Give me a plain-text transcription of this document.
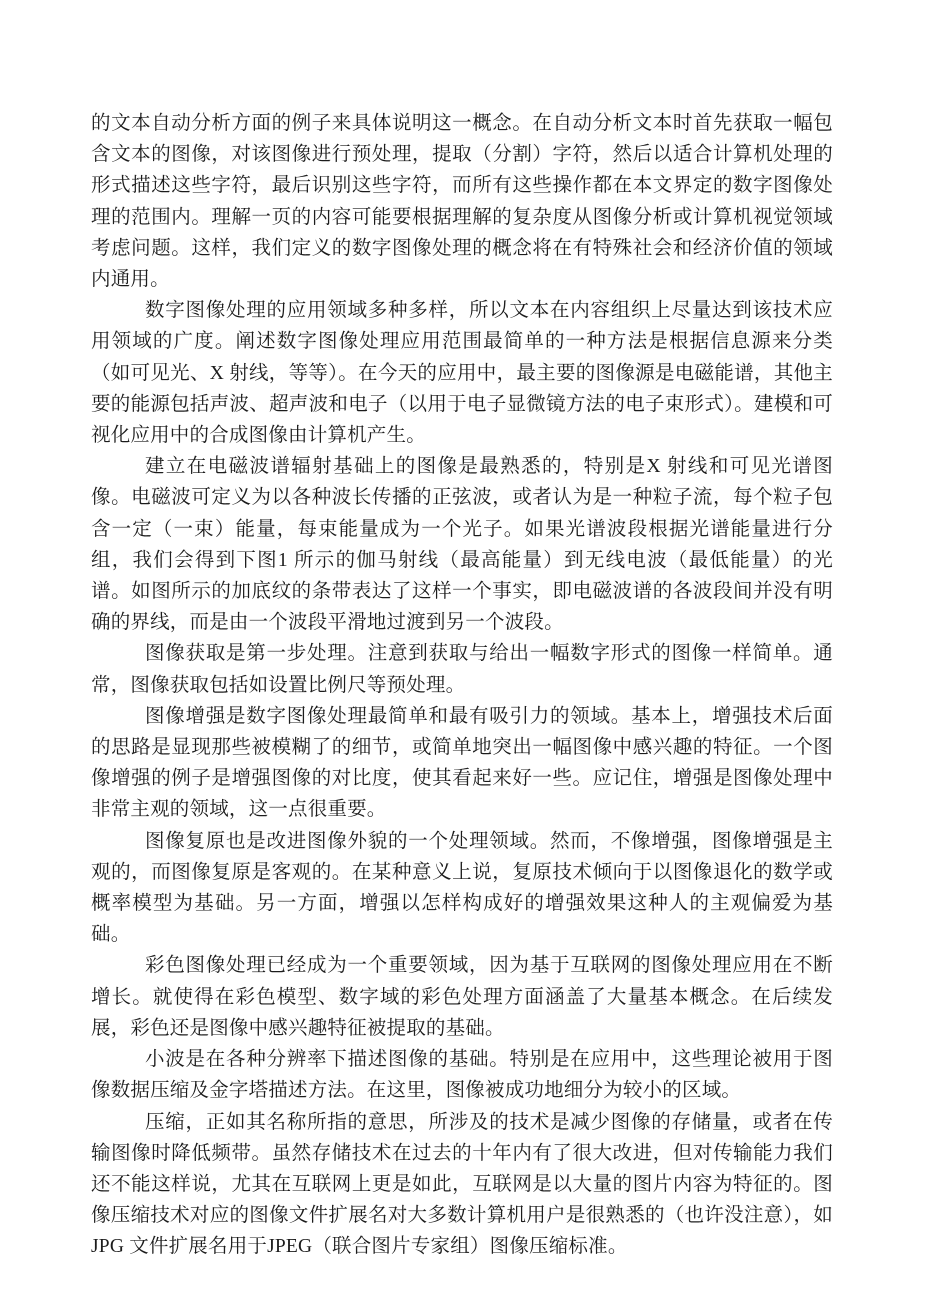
的文本自动分析方面的例子来具体说明这一概念。在自动分析文本时首先获取一幅包含文本的图像，对该图像进行预处理，提取（分割）字符，然后以适合计算机处理的形式描述这些字符，最后识别这些字符，而所有这些操作都在本文界定的数字图像处理的范围内。理解一页的内容可能要根据理解的复杂度从图像分析或计算机视觉领域考虑问题。这样，我们定义的数字图像处理的概念将在有特殊社会和经济价值的领域内通用。

数字图像处理的应用领域多种多样，所以文本在内容组织上尽量达到该技术应用领域的广度。阐述数字图像处理应用范围最简单的一种方法是根据信息源来分类（如可见光、X 射线，等等）。在今天的应用中，最主要的图像源是电磁能谱，其他主要的能源包括声波、超声波和电子（以用于电子显微镜方法的电子束形式）。建模和可视化应用中的合成图像由计算机产生。

建立在电磁波谱辐射基础上的图像是最熟悉的，特别是X 射线和可见光谱图像。电磁波可定义为以各种波长传播的正弦波，或者认为是一种粒子流，每个粒子包含一定（一束）能量，每束能量成为一个光子。如果光谱波段根据光谱能量进行分组，我们会得到下图1 所示的伽马射线（最高能量）到无线电波（最低能量）的光谱。如图所示的加底纹的条带表达了这样一个事实，即电磁波谱的各波段间并没有明确的界线，而是由一个波段平滑地过渡到另一个波段。

图像获取是第一步处理。注意到获取与给出一幅数字形式的图像一样简单。通常，图像获取包括如设置比例尺等预处理。

图像增强是数字图像处理最简单和最有吸引力的领域。基本上，增强技术后面的思路是显现那些被模糊了的细节，或简单地突出一幅图像中感兴趣的特征。一个图像增强的例子是增强图像的对比度，使其看起来好一些。应记住，增强是图像处理中非常主观的领域，这一点很重要。

图像复原也是改进图像外貌的一个处理领域。然而，不像增强，图像增强是主观的，而图像复原是客观的。在某种意义上说，复原技术倾向于以图像退化的数学或概率模型为基础。另一方面，增强以怎样构成好的增强效果这种人的主观偏爱为基础。

彩色图像处理已经成为一个重要领域，因为基于互联网的图像处理应用在不断增长。就使得在彩色模型、数字域的彩色处理方面涵盖了大量基本概念。在后续发展，彩色还是图像中感兴趣特征被提取的基础。

小波是在各种分辨率下描述图像的基础。特别是在应用中，这些理论被用于图像数据压缩及金字塔描述方法。在这里，图像被成功地细分为较小的区域。

压缩，正如其名称所指的意思，所涉及的技术是减少图像的存储量，或者在传输图像时降低频带。虽然存储技术在过去的十年内有了很大改进，但对传输能力我们还不能这样说，尤其在互联网上更是如此，互联网是以大量的图片内容为特征的。图像压缩技术对应的图像文件扩展名对大多数计算机用户是很熟悉的（也许没注意），如JPG 文件扩展名用于JPEG（联合图片专家组）图像压缩标准。
